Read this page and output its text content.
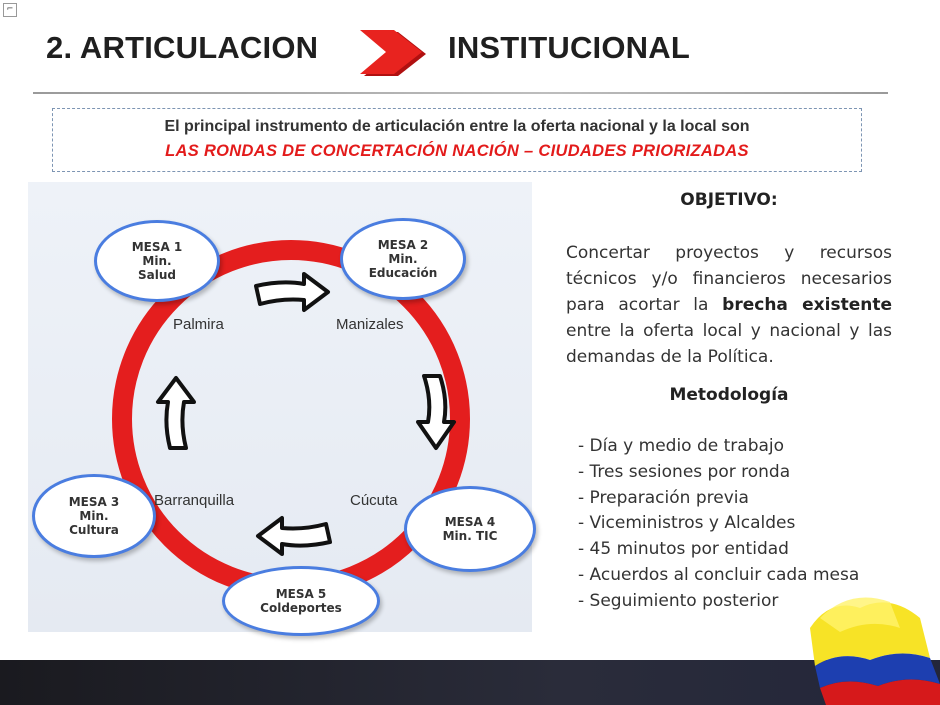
⌐
2. ARTICULACION	INSTITUCIONAL
El principal instrumento de articulación entre la oferta nacional y la local son
LAS RONDAS DE CONCERTACIÓN NACIÓN – CIUDADES PRIORIZADAS
Palmira	Manizales
Cúcuta
Barranquilla
MESA 1
Min.
Salud
MESA 2
Min.
Educación
MESA 4
Min. TIC
MESA 5
Coldeportes
MESA 3
Min.
Cultura
OBJETIVO:
Concertar proyectos y recursos técnicos y/o financieros necesarios para acortar la brecha existente entre la oferta local y nacional y las demandas de la Política.
Metodología
- Día y medio de trabajo
- Tres sesiones por ronda
- Preparación previa
- Viceministros y Alcaldes
- 45 minutos por entidad
- Acuerdos al concluir cada mesa
- Seguimiento posterior
